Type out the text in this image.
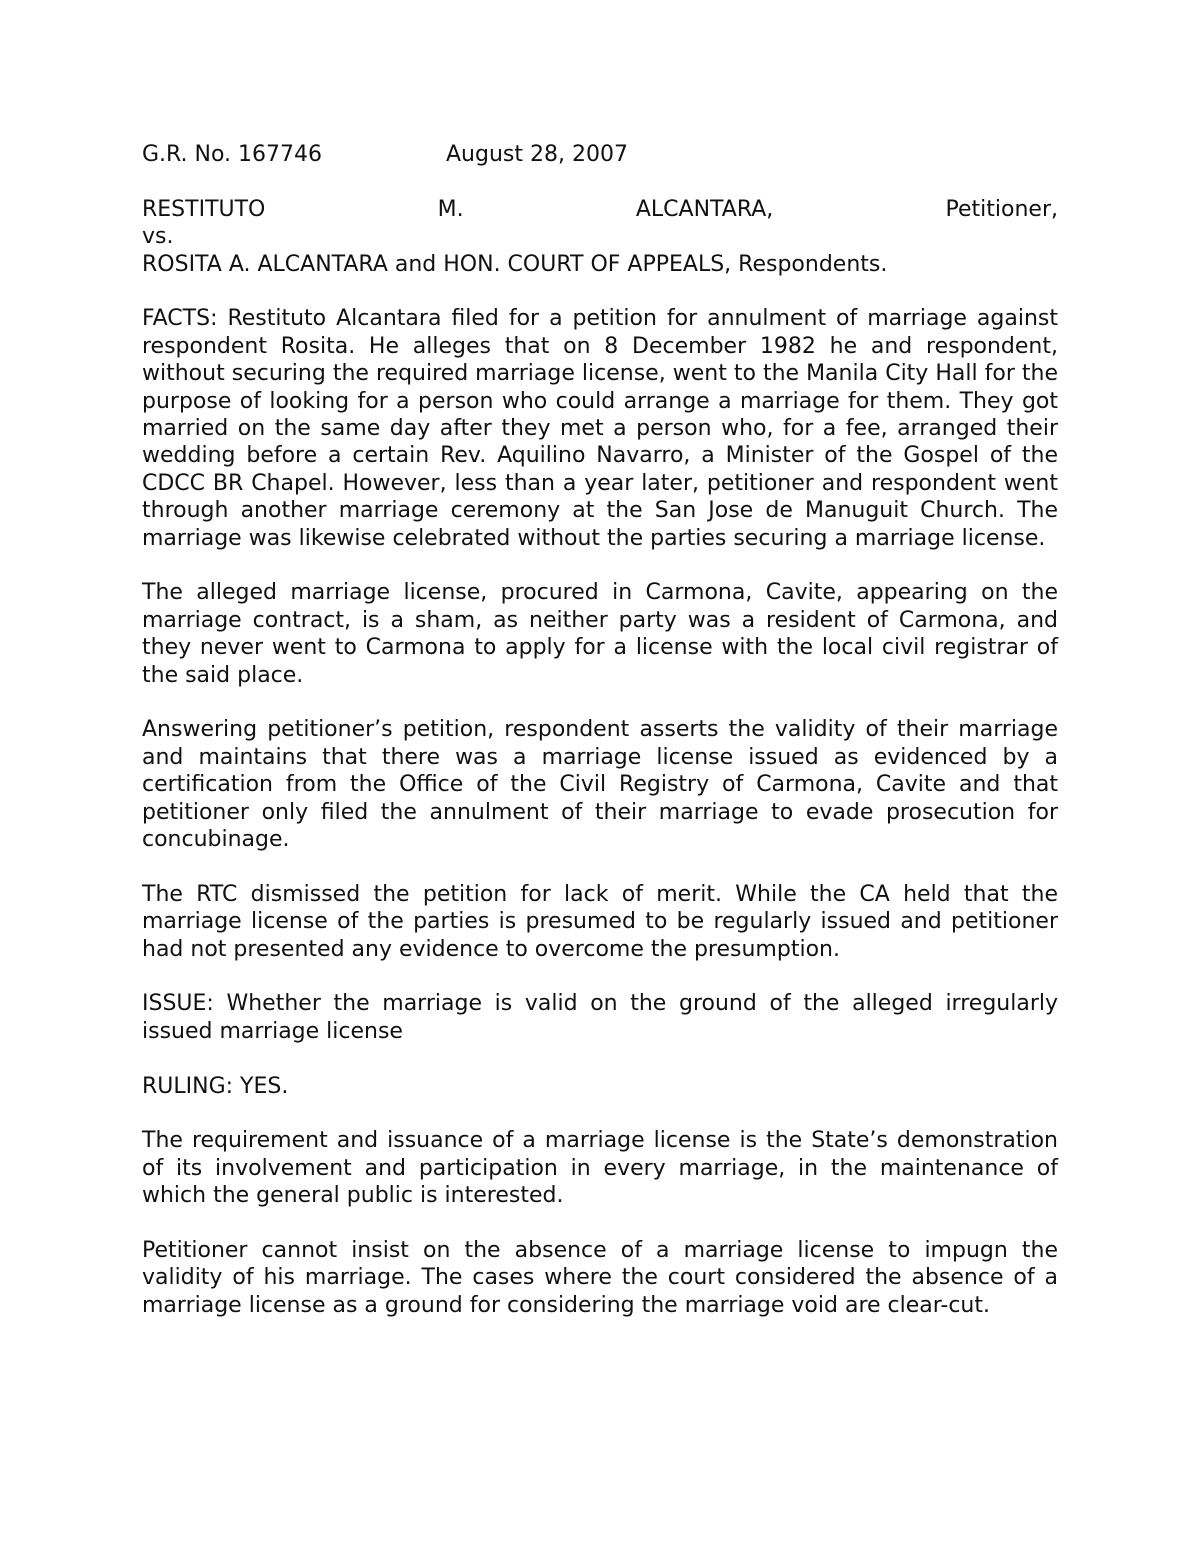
G.R. No. 167746	August 28, 2007
RESTITUTO	M.	ALCANTARA,	Petitioner,
vs.
ROSITA A. ALCANTARA and HON. COURT OF APPEALS, Respondents.

FACTS: Restituto Alcantara filed for a petition for annulment of marriage against respondent Rosita. He alleges that on 8 December 1982 he and respondent, without securing the required marriage license, went to the Manila City Hall for the purpose of looking for a person who could arrange a marriage for them. They got married on the same day after they met a person who, for a fee, arranged their wedding before a certain Rev. Aquilino Navarro, a Minister of the Gospel of the CDCC BR Chapel. However, less than a year later, petitioner and respondent went through another marriage ceremony at the San Jose de Manuguit Church. The marriage was likewise celebrated without the parties securing a marriage license.

The alleged marriage license, procured in Carmona, Cavite, appearing on the marriage contract, is a sham, as neither party was a resident of Carmona, and they never went to Carmona to apply for a license with the local civil registrar of the said place.

Answering petitioner’s petition, respondent asserts the validity of their marriage and maintains that there was a marriage license issued as evidenced by a certification from the Office of the Civil Registry of Carmona, Cavite and that petitioner only filed the annulment of their marriage to evade prosecution for concubinage.

The RTC dismissed the petition for lack of merit. While the CA held that the marriage license of the parties is presumed to be regularly issued and petitioner had not presented any evidence to overcome the presumption.

ISSUE: Whether the marriage is valid on the ground of the alleged irregularly issued marriage license

RULING: YES.

The requirement and issuance of a marriage license is the State’s demonstration of its involvement and participation in every marriage, in the maintenance of which the general public is interested.

Petitioner cannot insist on the absence of a marriage license to impugn the validity of his marriage. The cases where the court considered the absence of a marriage license as a ground for considering the marriage void are clear-cut.
